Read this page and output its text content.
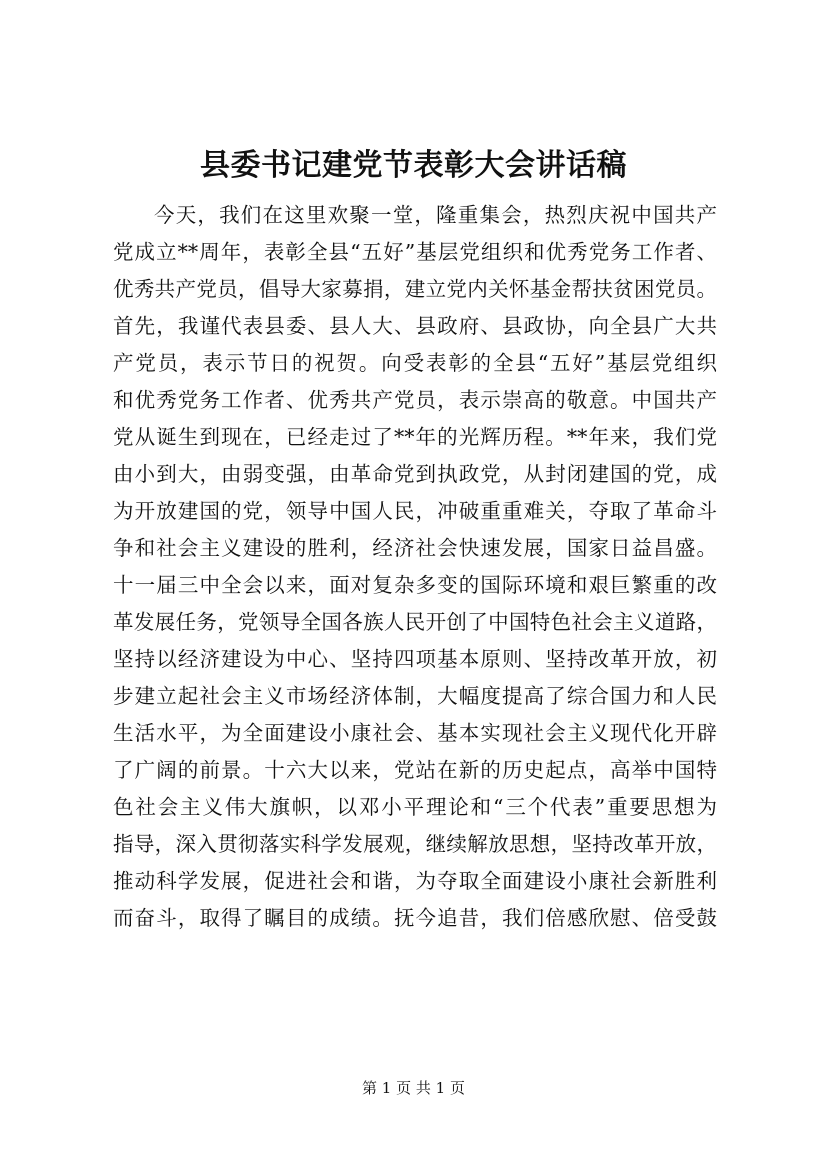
县委书记建党节表彰大会讲话稿
今天，我们在这里欢聚一堂，隆重集会，热烈庆祝中国共产
党成立**周年，表彰全县“五好”基层党组织和优秀党务工作者、
优秀共产党员，倡导大家募捐，建立党内关怀基金帮扶贫困党员。
首先，我谨代表县委、县人大、县政府、县政协，向全县广大共
产党员，表示节日的祝贺。向受表彰的全县“五好”基层党组织
和优秀党务工作者、优秀共产党员，表示崇高的敬意。中国共产
党从诞生到现在，已经走过了**年的光辉历程。**年来，我们党
由小到大，由弱变强，由革命党到执政党，从封闭建国的党，成
为开放建国的党，领导中国人民，冲破重重难关，夺取了革命斗
争和社会主义建设的胜利，经济社会快速发展，国家日益昌盛。
十一届三中全会以来，面对复杂多变的国际环境和艰巨繁重的改
革发展任务，党领导全国各族人民开创了中国特色社会主义道路，
坚持以经济建设为中心、坚持四项基本原则、坚持改革开放，初
步建立起社会主义市场经济体制，大幅度提高了综合国力和人民
生活水平，为全面建设小康社会、基本实现社会主义现代化开辟
了广阔的前景。十六大以来，党站在新的历史起点，高举中国特
色社会主义伟大旗帜，以邓小平理论和“三个代表”重要思想为
指导，深入贯彻落实科学发展观，继续解放思想，坚持改革开放，
推动科学发展，促进社会和谐，为夺取全面建设小康社会新胜利
而奋斗，取得了瞩目的成绩。抚今追昔，我们倍感欣慰、倍受鼓
第 1 页 共 1 页
